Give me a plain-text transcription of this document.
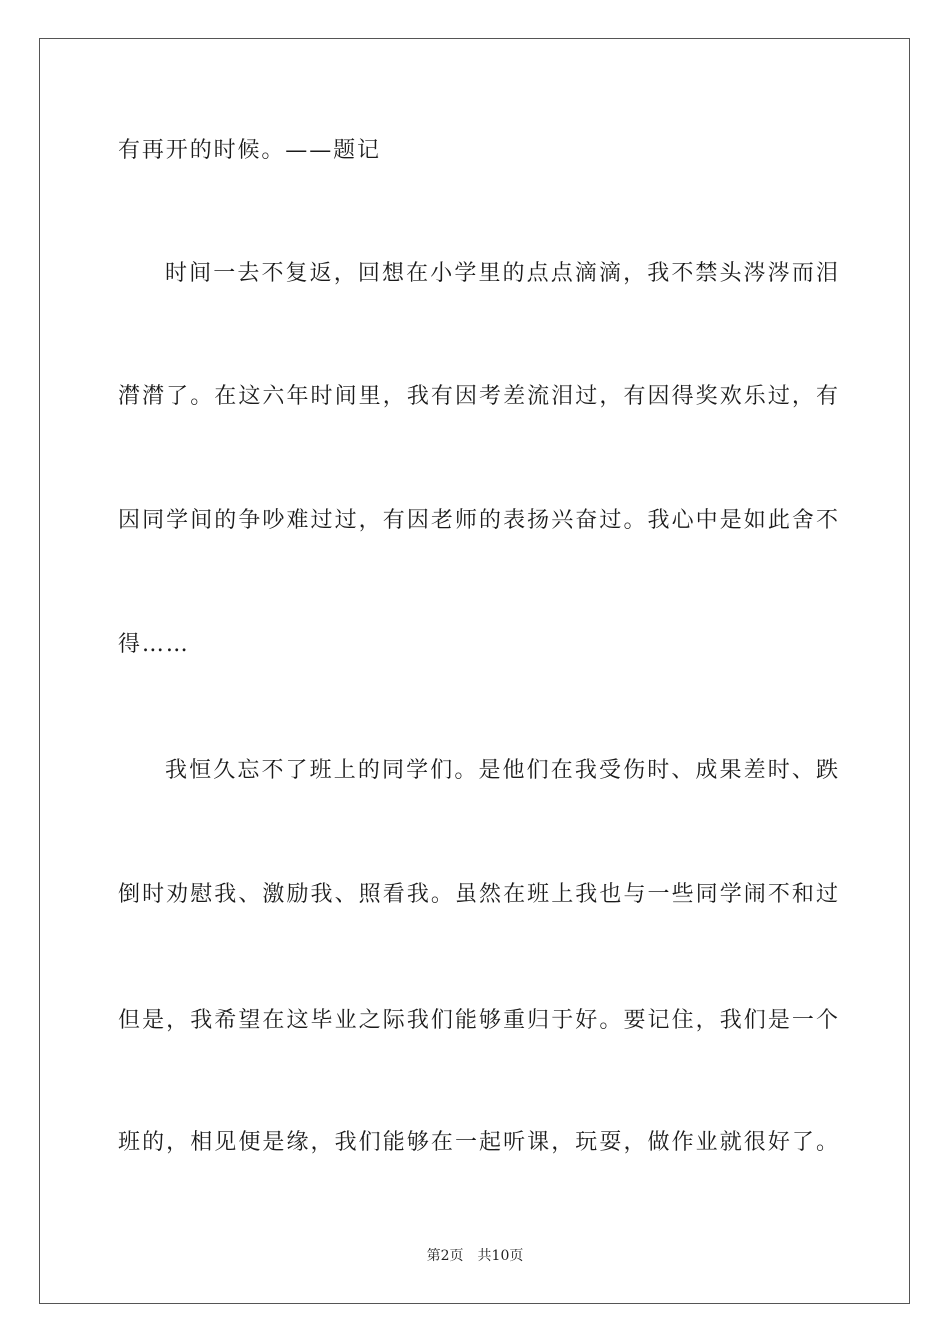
有再开的时候。——题记

时间一去不复返，回想在小学里的点点滴滴，我不禁头涔涔而泪

潸潸了。在这六年时间里，我有因考差流泪过，有因得奖欢乐过，有

因同学间的争吵难过过，有因老师的表扬兴奋过。我心中是如此舍不

得……

我恒久忘不了班上的同学们。是他们在我受伤时、成果差时、跌

倒时劝慰我、激励我、照看我。虽然在班上我也与一些同学闹不和过

但是，我希望在这毕业之际我们能够重归于好。要记住，我们是一个

班的，相见便是缘，我们能够在一起听课，玩耍，做作业就很好了。

第2页 共10页
